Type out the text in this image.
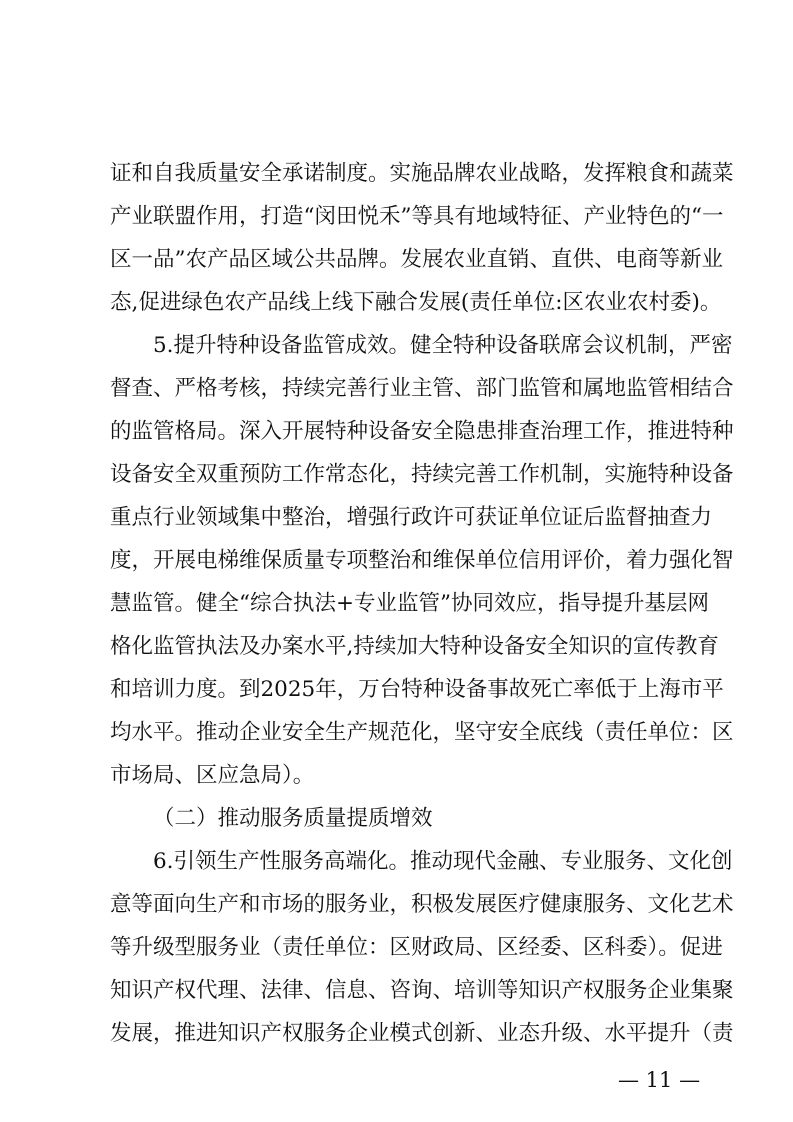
证和自我质量安全承诺制度。实施品牌农业战略，发挥粮食和蔬菜
产业联盟作用，打造“闵田悦禾”等具有地域特征、产业特色的“一
区一品”农产品区域公共品牌。发展农业直销、直供、电商等新业
态,促进绿色农产品线上线下融合发展(责任单位:区农业农村委)。
5.提升特种设备监管成效。健全特种设备联席会议机制，严密
督查、严格考核，持续完善行业主管、部门监管和属地监管相结合
的监管格局。深入开展特种设备安全隐患排查治理工作，推进特种
设备安全双重预防工作常态化，持续完善工作机制，实施特种设备
重点行业领域集中整治，增强行政许可获证单位证后监督抽查力
度，开展电梯维保质量专项整治和维保单位信用评价，着力强化智
慧监管。健全“综合执法+专业监管”协同效应，指导提升基层网
格化监管执法及办案水平,持续加大特种设备安全知识的宣传教育
和培训力度。到2025年，万台特种设备事故死亡率低于上海市平
均水平。推动企业安全生产规范化，坚守安全底线（责任单位：区
市场局、区应急局）。
（二）推动服务质量提质增效
6.引领生产性服务高端化。推动现代金融、专业服务、文化创
意等面向生产和市场的服务业，积极发展医疗健康服务、文化艺术
等升级型服务业（责任单位：区财政局、区经委、区科委）。促进
知识产权代理、法律、信息、咨询、培训等知识产权服务企业集聚
发展，推进知识产权服务企业模式创新、业态升级、水平提升（责
— 11 —
